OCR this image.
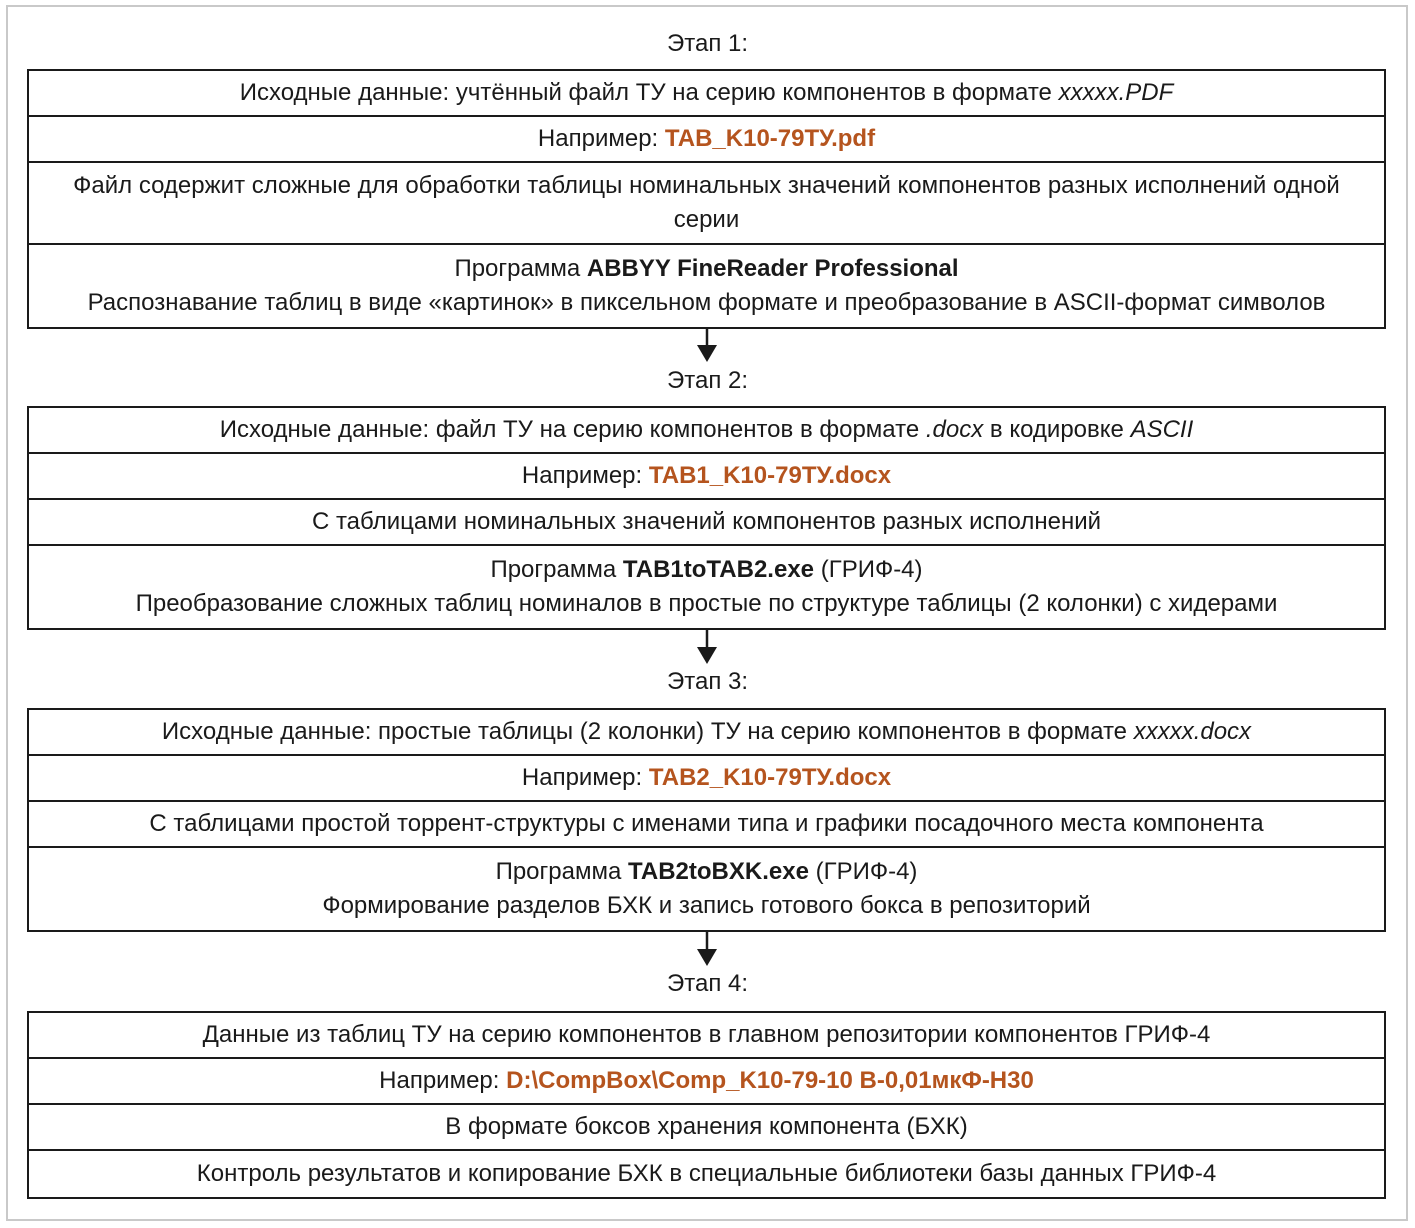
Этап 1:
Исходные данные: учтённый файл ТУ на серию компонентов в формате xxxxx.PDF
Например: TAB_K10-79ТУ.pdf
Файл содержит сложные для обработки таблицы номинальных значений компонентов разных исполнений одной серии
Программа ABBYY FineReader Professional
Распознавание таблиц в виде «картинок» в пиксельном формате и преобразование в ASCII-формат символов
Этап 2:
Исходные данные: файл ТУ на серию компонентов в формате .docx в кодировке ASCII
Например: TAB1_K10-79ТУ.docx
С таблицами номинальных значений компонентов разных исполнений
Программа TAB1toTAB2.exe (ГРИФ-4)
Преобразование сложных таблиц номиналов в простые по структуре таблицы (2 колонки) с хидерами
Этап 3:
Исходные данные: простые таблицы (2 колонки) ТУ на серию компонентов в формате xxxxx.docx
Например: TAB2_K10-79ТУ.docx
С таблицами простой торрент-структуры с именами типа и графики посадочного места компонента
Программа TAB2toBXK.exe (ГРИФ-4)
Формирование разделов БХК и запись готового бокса в репозиторий
Этап 4:
Данные из таблиц ТУ на серию компонентов в главном репозитории компонентов ГРИФ-4
Например: D:\CompBox\Comp_K10-79-10 В-0,01мкФ-Н30
В формате боксов хранения компонента (БХК)
Контроль результатов и копирование БХК в специальные библиотеки базы данных ГРИФ-4
